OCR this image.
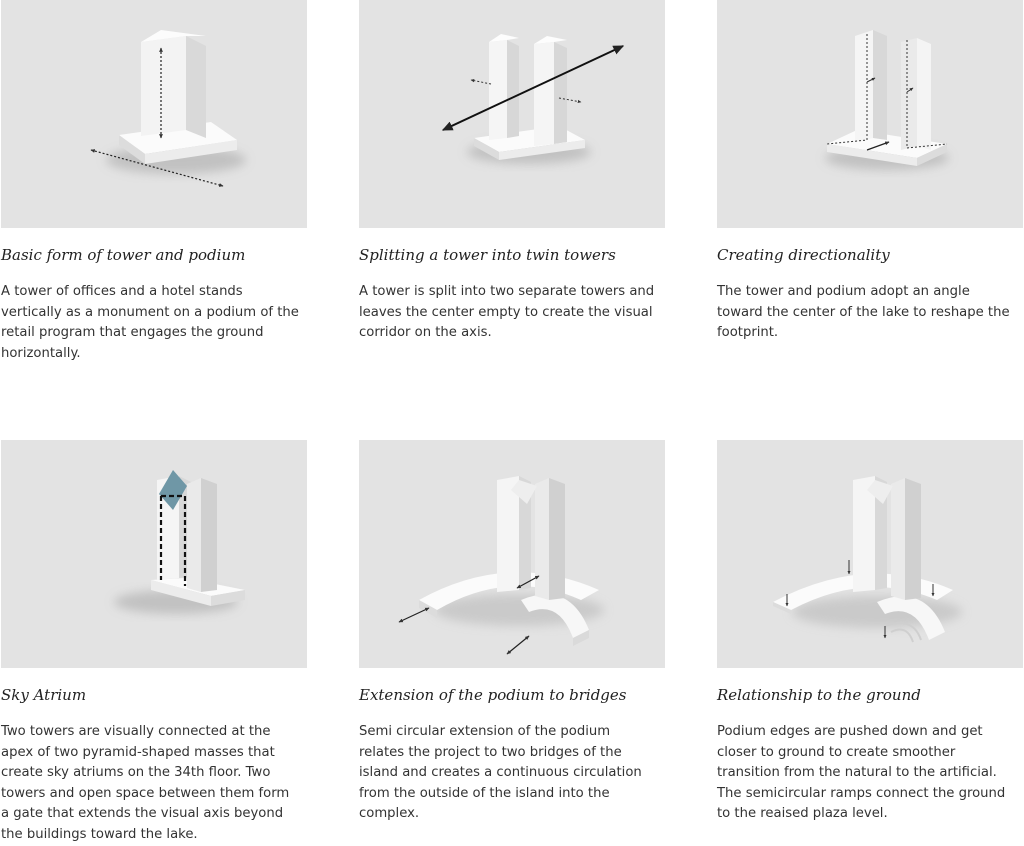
Basic form of tower and podium
A tower of offices and a hotel stands vertically as a monument on a podium of the retail program that engages the ground horizontally.
Splitting a tower into twin towers
A tower is split into two separate towers and leaves the center empty to create the visual corridor on the axis.
Creating directionality
The tower and podium adopt an angle toward the center of the lake to reshape the footprint.
Sky Atrium
Two towers are visually connected at the apex of two pyramid-shaped masses that create sky atriums on the 34th floor. Two towers and open space between them form a gate that extends the visual axis beyond the buildings toward the lake.
Extension of the podium to bridges
Semi circular extension of the podium relates the project to two bridges of the island and creates a continuous circulation from the outside of the island into the complex.
Relationship to the ground
Podium edges are pushed down and get closer to ground to create smoother transition from the natural to the artificial. The semicircular ramps connect the ground to the reaised plaza level.
